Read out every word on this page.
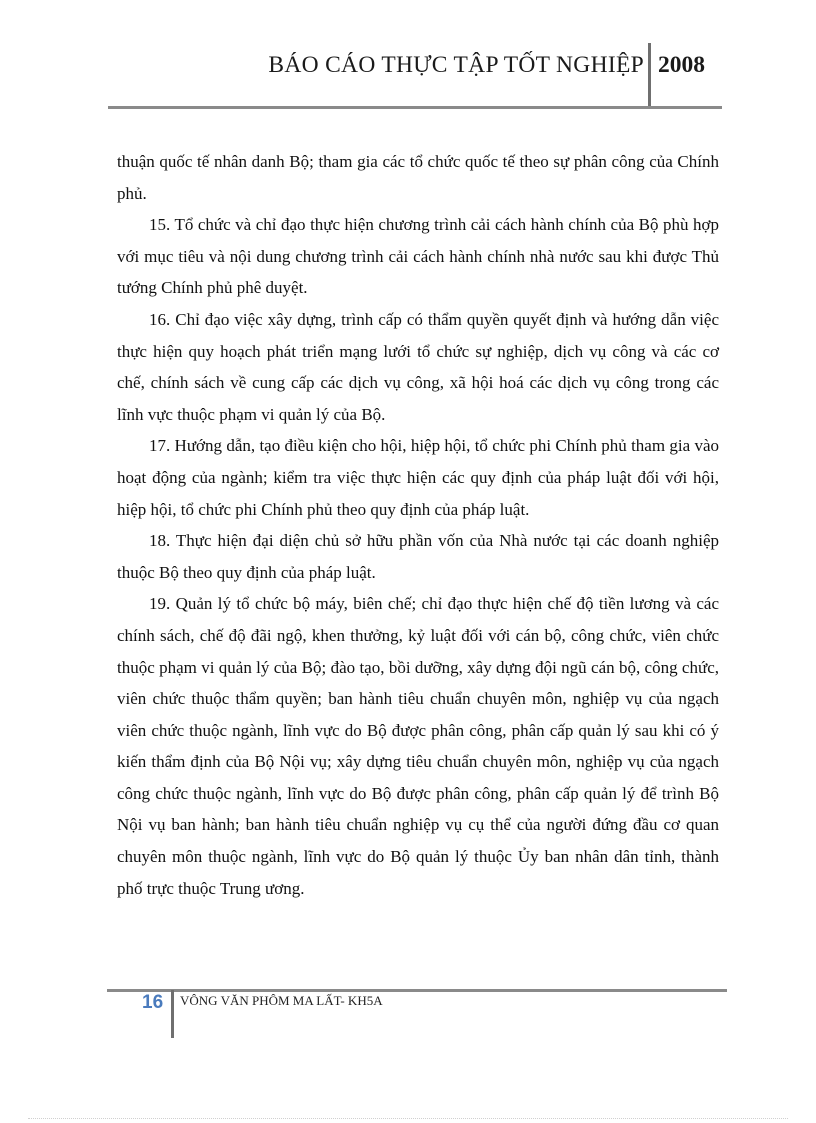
BÁO CÁO THỰC TẬP TỐT NGHIỆP 2008

thuận quốc tế nhân danh Bộ; tham gia các tổ chức quốc tế theo sự phân công của Chính phủ.

15. Tổ chức và chỉ đạo thực hiện chương trình cải cách hành chính của Bộ phù hợp với mục tiêu và nội dung chương trình cải cách hành chính nhà nước sau khi được Thủ tướng Chính phủ phê duyệt.

16. Chỉ đạo việc xây dựng, trình cấp có thẩm quyền quyết định và hướng dẫn việc thực hiện quy hoạch phát triển mạng lưới tổ chức sự nghiệp, dịch vụ công và các cơ chế, chính sách về cung cấp các dịch vụ công, xã hội hoá các dịch vụ công trong các lĩnh vực thuộc phạm vi quản lý của Bộ.

17. Hướng dẫn, tạo điều kiện cho hội, hiệp hội, tổ chức phi Chính phủ tham gia vào hoạt động của ngành; kiểm tra việc thực hiện các quy định của pháp luật đối với hội, hiệp hội, tổ chức phi Chính phủ theo quy định của pháp luật.

18. Thực hiện đại diện chủ sở hữu phần vốn của Nhà nước tại các doanh nghiệp thuộc Bộ theo quy định của pháp luật.

19. Quản lý tổ chức bộ máy, biên chế; chỉ đạo thực hiện chế độ tiền lương và các chính sách, chế độ đãi ngộ, khen thưởng, kỷ luật đối với cán bộ, công chức, viên chức thuộc phạm vi quản lý của Bộ; đào tạo, bồi dưỡng, xây dựng đội ngũ cán bộ, công chức, viên chức thuộc thẩm quyền; ban hành tiêu chuẩn chuyên môn, nghiệp vụ của ngạch viên chức thuộc ngành, lĩnh vực do Bộ được phân công, phân cấp quản lý sau khi có ý kiến thẩm định của Bộ Nội vụ; xây dựng tiêu chuẩn chuyên môn, nghiệp vụ của ngạch công chức thuộc ngành, lĩnh vực do Bộ được phân công, phân cấp quản lý để trình Bộ Nội vụ ban hành; ban hành tiêu chuẩn nghiệp vụ cụ thể của người đứng đầu cơ quan chuyên môn thuộc ngành, lĩnh vực do Bộ quản lý thuộc Ủy ban nhân dân tỉnh, thành phố trực thuộc Trung ương.

16 VÔNG VĂN PHÔM MA LẤT- KH5A
